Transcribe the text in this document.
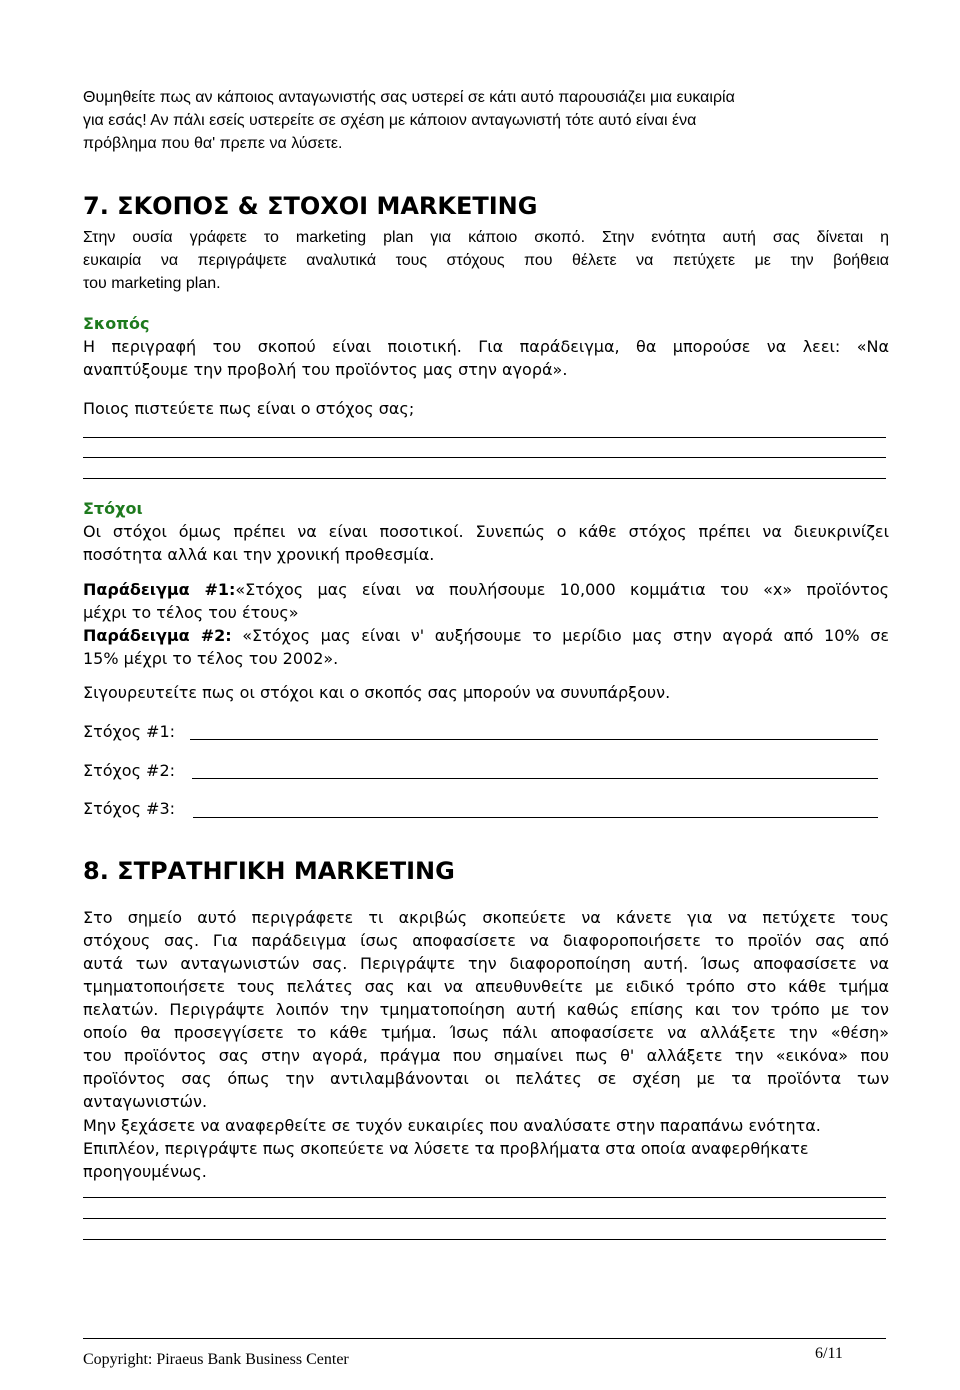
Θυμηθείτε πως αν κάποιος ανταγωνιστής σας υστερεί σε κάτι αυτό παρουσιάζει μια ευκαιρία
για εσάς! Αν πάλι εσείς υστερείτε σε σχέση με κάποιον ανταγωνιστή τότε αυτό είναι ένα
πρόβλημα που θα' πρεπε να λύσετε.
7. ΣΚΟΠΟΣ & ΣΤΟΧΟΙ MARKETING
Στην ουσία γράφετε το marketing plan για κάποιο σκοπό. Στην ενότητα αυτή σας δίνεται η
ευκαιρία να περιγράψετε αναλυτικά τους στόχους που θέλετε να πετύχετε με την βοήθεια
του marketing plan.
Σκοπός
Η περιγραφή του σκοπού είναι ποιοτική. Για παράδειγμα, θα μπορούσε να λεει: «Να
αναπτύξουμε την προβολή του προϊόντος μας στην αγορά».
Ποιος πιστεύετε πως είναι ο στόχος σας;
Στόχοι
Οι στόχοι όμως πρέπει να είναι ποσοτικοί. Συνεπώς ο κάθε στόχος πρέπει να διευκρινίζει
ποσότητα αλλά και την χρονική προθεσμία.
Παράδειγμα #1:«Στόχος μας είναι να πουλήσουμε 10,000 κομμάτια του «x» προϊόντος
μέχρι το τέλος του έτους»
Παράδειγμα #2: «Στόχος μας είναι ν' αυξήσουμε το μερίδιο μας στην αγορά από 10% σε
15% μέχρι το τέλος του 2002».
Σιγουρευτείτε πως οι στόχοι και ο σκοπός σας μπορούν να συνυπάρξουν.
Στόχος #1:
Στόχος #2:
Στόχος #3:
8. ΣΤΡΑΤΗΓΙΚΗ MARKETING
Στο σημείο αυτό περιγράφετε τι ακριβώς σκοπεύετε να κάνετε για να πετύχετε τους
στόχους σας. Για παράδειγμα ίσως αποφασίσετε να διαφοροποιήσετε το προϊόν σας από
αυτά των ανταγωνιστών σας. Περιγράψτε την διαφοροποίηση αυτή. Ίσως αποφασίσετε να
τμηματοποιήσετε τους πελάτες σας και να απευθυνθείτε με ειδικό τρόπο στο κάθε τμήμα
πελατών. Περιγράψτε λοιπόν την τμηματοποίηση αυτή καθώς επίσης και τον τρόπο με τον
οποίο θα προσεγγίσετε το κάθε τμήμα. Ίσως πάλι αποφασίσετε να αλλάξετε την «θέση»
του προϊόντος σας στην αγορά, πράγμα που σημαίνει πως θ' αλλάξετε την «εικόνα» που
προϊόντος σας όπως την αντιλαμβάνονται οι πελάτες σε σχέση με τα προϊόντα των
ανταγωνιστών.
Μην ξεχάσετε να αναφερθείτε σε τυχόν ευκαιρίες που αναλύσατε στην παραπάνω ενότητα.
Επιπλέον, περιγράψτε πως σκοπεύετε να λύσετε τα προβλήματα στα οποία αναφερθήκατε
προηγουμένως.
Copyright: Piraeus Bank Business Center	6/11
